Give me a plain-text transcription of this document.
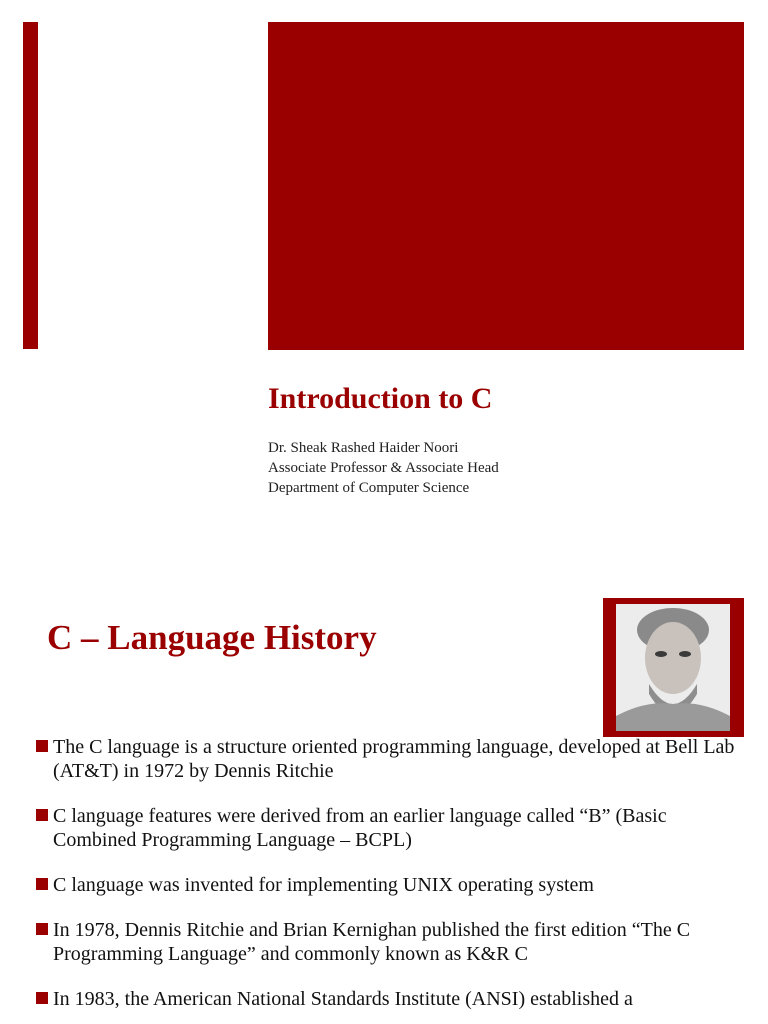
Introduction to C
Dr. Sheak Rashed Haider Noori
Associate Professor & Associate Head
Department of Computer Science
C – Language History
The C language is a structure oriented programming language, developed at Bell Lab (AT&T) in 1972 by Dennis Ritchie
C language features were derived from an earlier language called “B” (Basic Combined Programming Language – BCPL)
C language was invented for implementing UNIX operating system
In 1978, Dennis Ritchie and Brian Kernighan published the first edition “The C Programming Language” and commonly known as K&R C
In 1983, the American National Standards Institute (ANSI) established a
